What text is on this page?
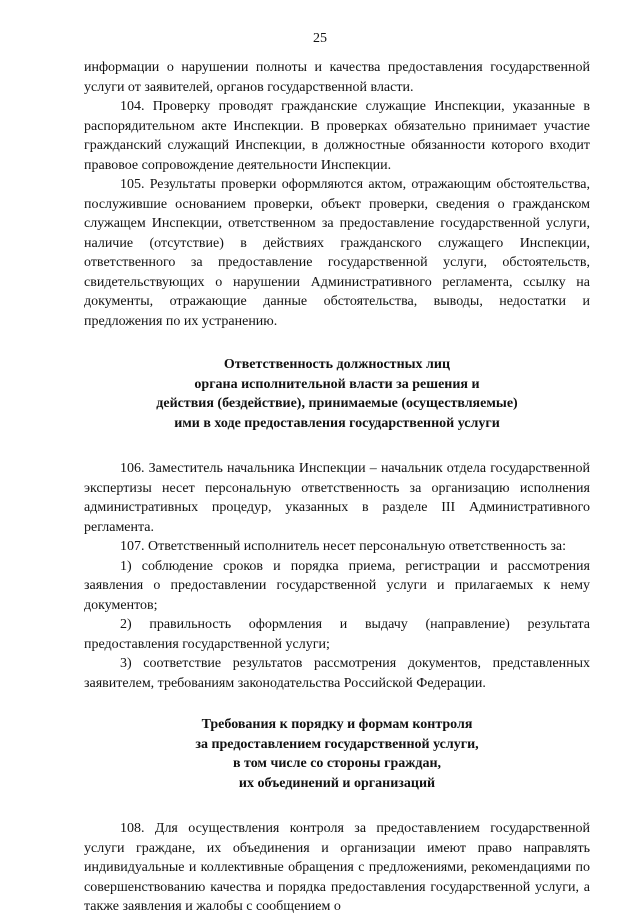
25

информации о нарушении полноты и качества предоставления государственной услуги от заявителей, органов государственной власти.

104. Проверку проводят гражданские служащие Инспекции, указанные в распорядительном акте Инспекции. В проверках обязательно принимает участие гражданский служащий Инспекции, в должностные обязанности которого входит правовое сопровождение деятельности Инспекции.

105. Результаты проверки оформляются актом, отражающим обстоятельства, послужившие основанием проверки, объект проверки, сведения о гражданском служащем Инспекции, ответственном за предоставление государственной услуги, наличие (отсутствие) в действиях гражданского служащего Инспекции, ответственного за предоставление государственной услуги, обстоятельств, свидетельствующих о нарушении Административного регламента, ссылку на документы, отражающие данные обстоятельства, выводы, недостатки и предложения по их устранению.

Ответственность должностных лиц
органа исполнительной власти за решения и
действия (бездействие), принимаемые (осуществляемые)
ими в ходе предоставления государственной услуги

106. Заместитель начальника Инспекции – начальник отдела государственной экспертизы несет персональную ответственность за организацию исполнения административных процедур, указанных в разделе III Административного регламента.

107. Ответственный исполнитель несет персональную ответственность за:

1) соблюдение сроков и порядка приема, регистрации и рассмотрения заявления о предоставлении государственной услуги и прилагаемых к нему документов;

2) правильность оформления и выдачу (направление) результата предоставления государственной услуги;

3) соответствие результатов рассмотрения документов, представленных заявителем, требованиям законодательства Российской Федерации.

Требования к порядку и формам контроля
за предоставлением государственной услуги,
в том числе со стороны граждан,
их объединений и организаций

108. Для осуществления контроля за предоставлением государственной услуги граждане, их объединения и организации имеют право направлять индивидуальные и коллективные обращения с предложениями, рекомендациями по совершенствованию качества и порядка предоставления государственной услуги, а также заявления и жалобы с сообщением о
